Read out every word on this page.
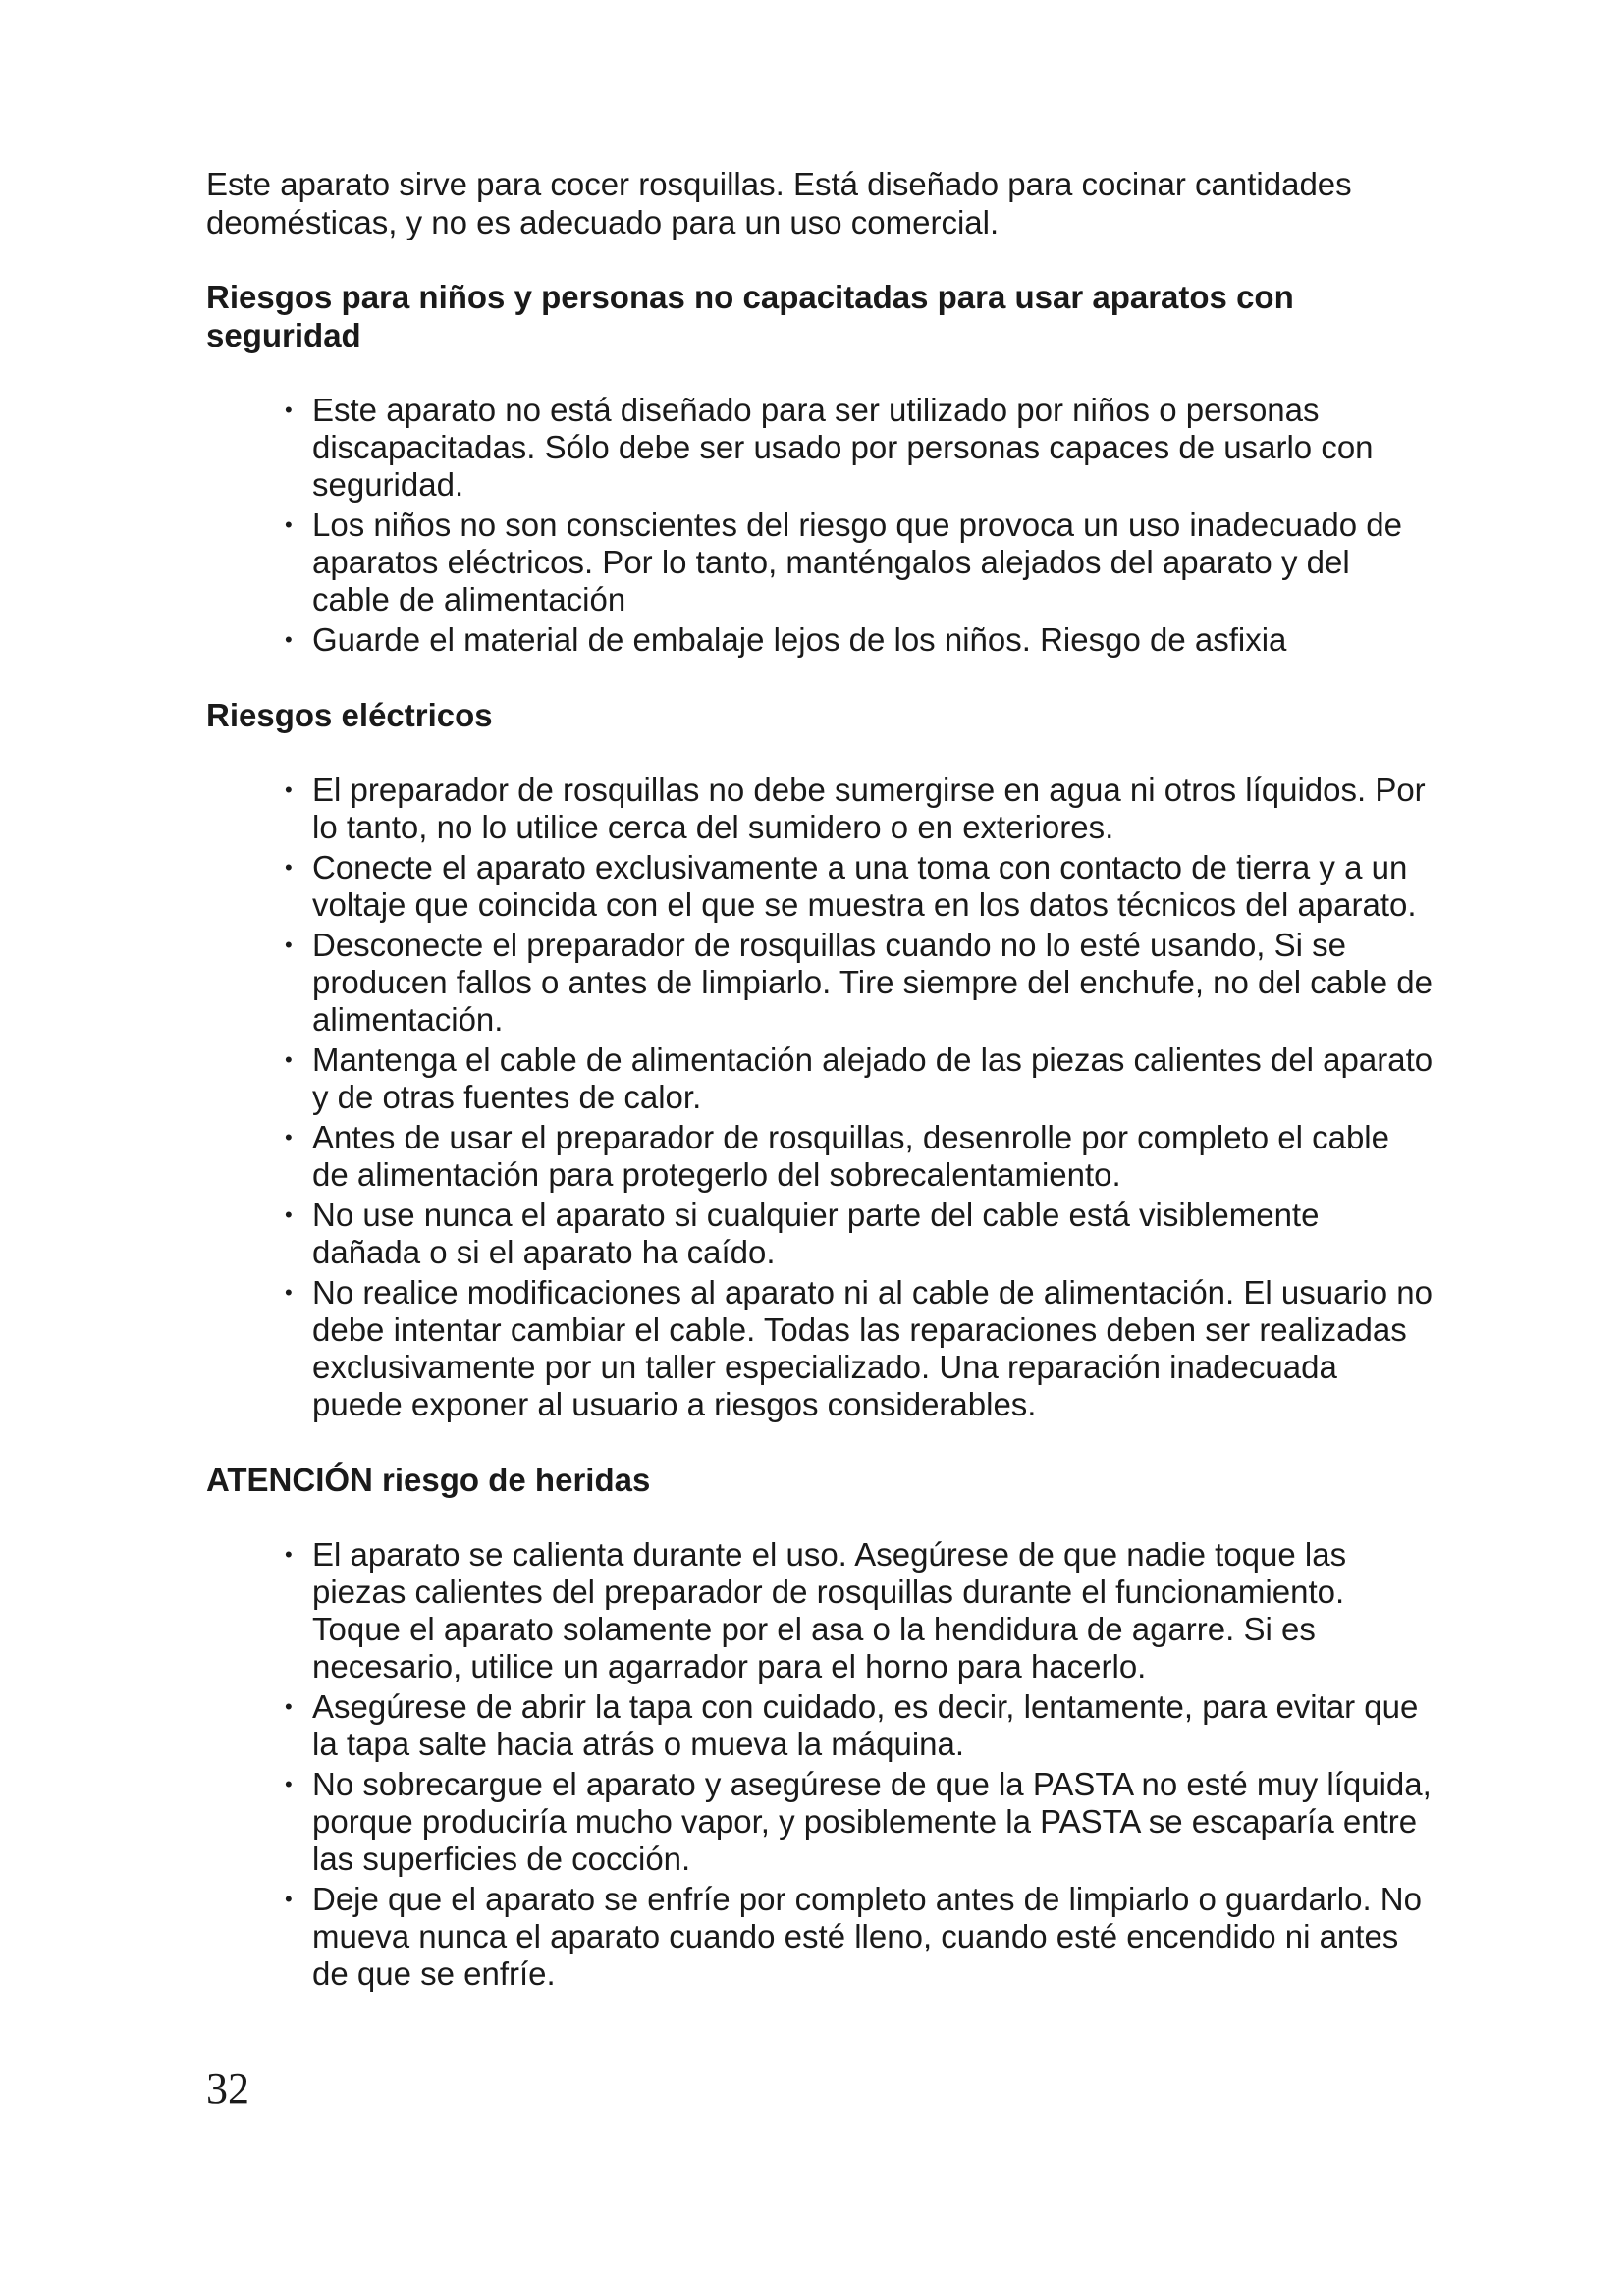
Este aparato sirve para cocer rosquillas. Está diseñado para cocinar cantidades deomésticas, y no es adecuado para un uso comercial.

Riesgos para niños y personas no capacitadas para usar aparatos con seguridad
• Este aparato no está diseñado para ser utilizado por niños o personas discapacitadas. Sólo debe ser usado por personas capaces de usarlo con seguridad.
• Los niños no son conscientes del riesgo que provoca un uso inadecuado de aparatos eléctricos. Por lo tanto, manténgalos alejados del aparato y del cable de alimentación
• Guarde el material de embalaje lejos de los niños. Riesgo de asfixia
Riesgos eléctricos
• El preparador de rosquillas no debe sumergirse en agua ni otros líquidos. Por lo tanto, no lo utilice cerca del sumidero o en exteriores.
• Conecte el aparato exclusivamente a una toma con contacto de tierra y a un voltaje que coincida con el que se muestra en los datos técnicos del aparato.
• Desconecte el preparador de rosquillas cuando no lo esté usando, Si se producen fallos o antes de limpiarlo. Tire siempre del enchufe, no del cable de alimentación.
• Mantenga el cable de alimentación alejado de las piezas calientes del aparato y de otras fuentes de calor.
• Antes de usar el preparador de rosquillas, desenrolle por completo el cable de alimentación para protegerlo del sobrecalentamiento.
• No use nunca el aparato si cualquier parte del cable está visiblemente dañada o si el aparato ha caído.
• No realice modificaciones al aparato ni al cable de alimentación. El usuario no debe intentar cambiar el cable. Todas las reparaciones deben ser realizadas exclusivamente por un taller especializado. Una reparación inadecuada puede exponer al usuario a riesgos considerables.
ATENCIÓN riesgo de heridas
• El aparato se calienta durante el uso. Asegúrese de que nadie toque las piezas calientes del preparador de rosquillas durante el funcionamiento. Toque el aparato solamente por el asa o la hendidura de agarre. Si es necesario, utilice un agarrador para el horno para hacerlo.
• Asegúrese de abrir la tapa con cuidado, es decir, lentamente, para evitar que la tapa salte hacia atrás o mueva la máquina.
• No sobrecargue el aparato y asegúrese de que la PASTA no esté muy líquida, porque produciría mucho vapor, y posiblemente la PASTA se escaparía entre las superficies de cocción.
• Deje que el aparato se enfríe por completo antes de limpiarlo o guardarlo. No mueva nunca el aparato cuando esté lleno, cuando esté encendido ni antes de que se enfríe.
32
